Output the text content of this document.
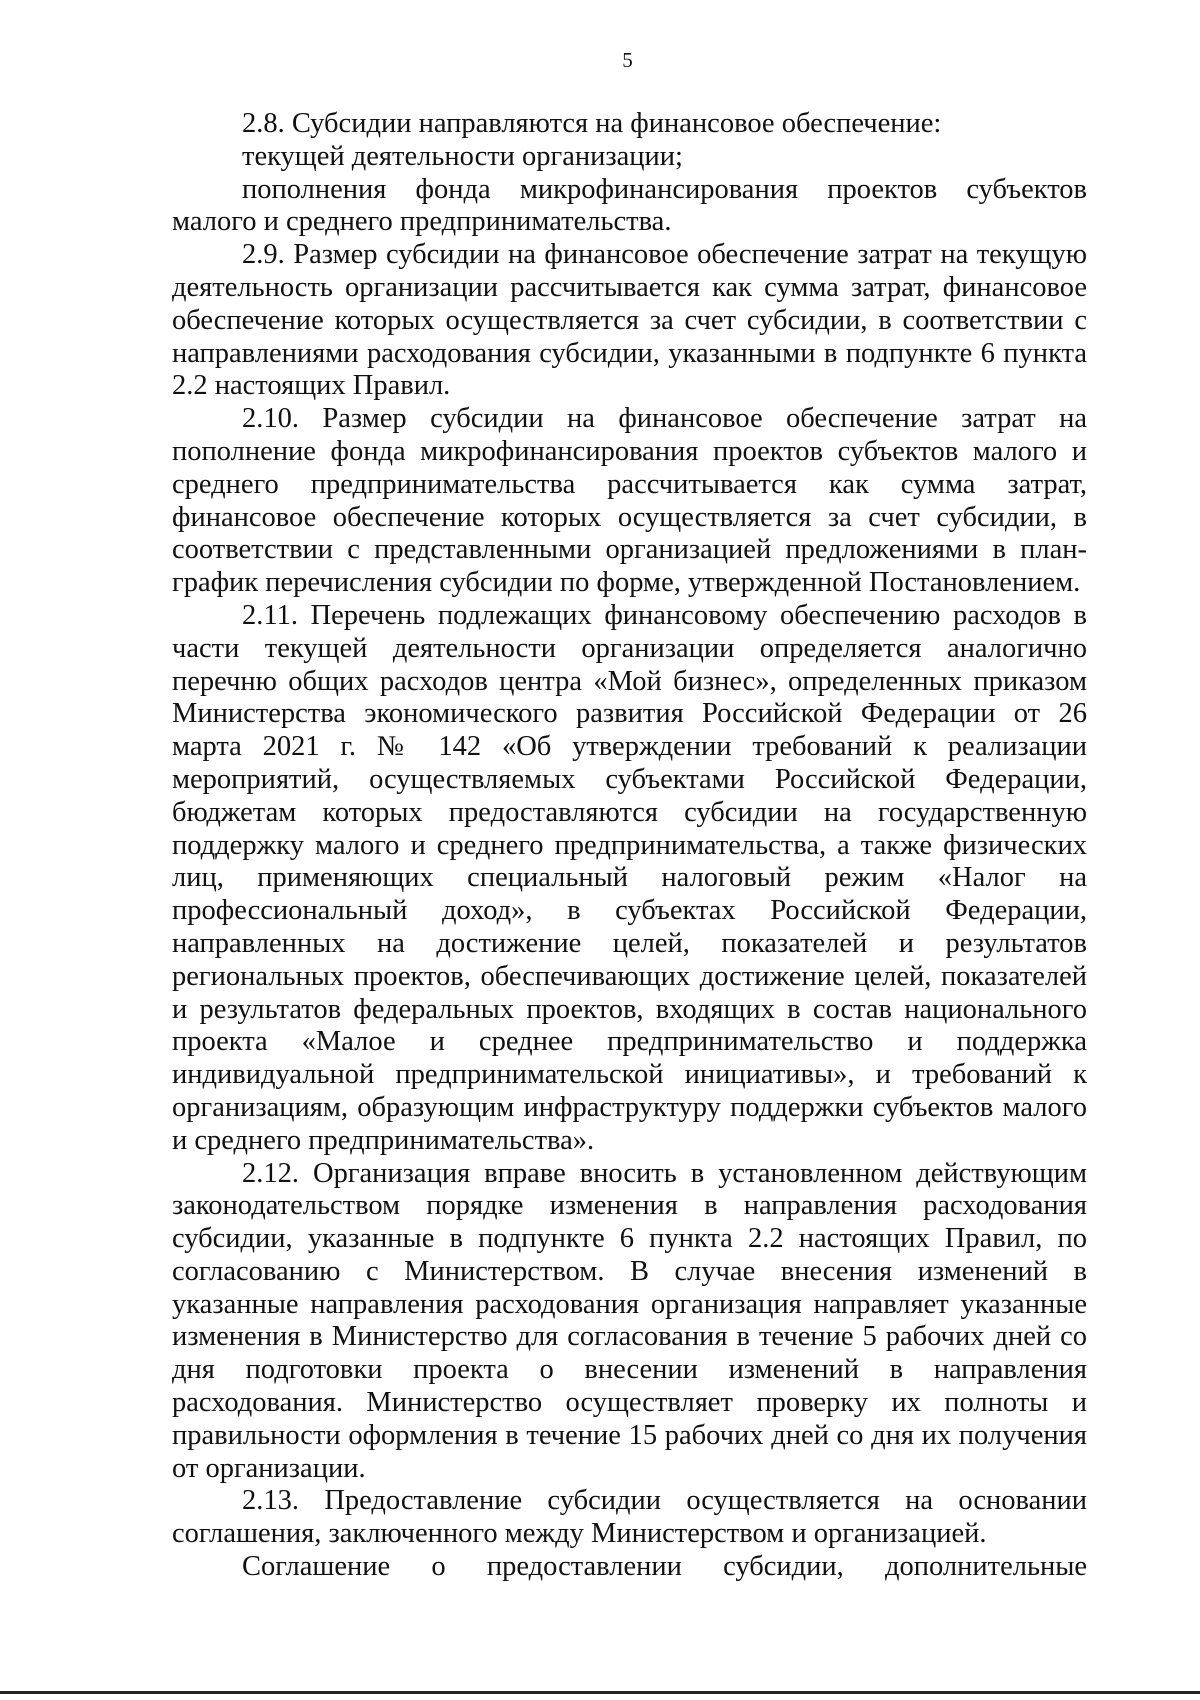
5

2.8. Субсидии направляются на финансовое обеспечение:

текущей деятельности организации;

пополнения фонда микрофинансирования проектов субъектов малого и среднего предпринимательства.

2.9. Размер субсидии на финансовое обеспечение затрат на текущую деятельность организации рассчитывается как сумма затрат, финансовое обеспечение которых осуществляется за счет субсидии, в соответствии с направлениями расходования субсидии, указанными в подпункте 6 пункта 2.2 настоящих Правил.

2.10. Размер субсидии на финансовое обеспечение затрат на пополнение фонда микрофинансирования проектов субъектов малого и среднего предпринимательства рассчитывается как сумма затрат, финансовое обеспечение которых осуществляется за счет субсидии, в соответствии с представленными организацией предложениями в план-график перечисления субсидии по форме, утвержденной Постановлением.

2.11. Перечень подлежащих финансовому обеспечению расходов в части текущей деятельности организации определяется аналогично перечню общих расходов центра «Мой бизнес», определенных приказом Министерства экономического развития Российской Федерации от 26 марта 2021 г. № 142 «Об утверждении требований к реализации мероприятий, осуществляемых субъектами Российской Федерации, бюджетам которых предоставляются субсидии на государственную поддержку малого и среднего предпринимательства, а также физических лиц, применяющих специальный налоговый режим «Налог на профессиональный доход», в субъектах Российской Федерации, направленных на достижение целей, показателей и результатов региональных проектов, обеспечивающих достижение целей, показателей и результатов федеральных проектов, входящих в состав национального проекта «Малое и среднее предпринимательство и поддержка индивидуальной предпринимательской инициативы», и требований к организациям, образующим инфраструктуру поддержки субъектов малого и среднего предпринимательства».

2.12. Организация вправе вносить в установленном действующим законодательством порядке изменения в направления расходования субсидии, указанные в подпункте 6 пункта 2.2 настоящих Правил, по согласованию с Министерством. В случае внесения изменений в указанные направления расходования организация направляет указанные изменения в Министерство для согласования в течение 5 рабочих дней со дня подготовки проекта о внесении изменений в направления расходования. Министерство осуществляет проверку их полноты и правильности оформления в течение 15 рабочих дней со дня их получения от организации.

2.13. Предоставление субсидии осуществляется на основании соглашения, заключенного между Министерством и организацией.

Соглашение о предоставлении субсидии, дополнительные
